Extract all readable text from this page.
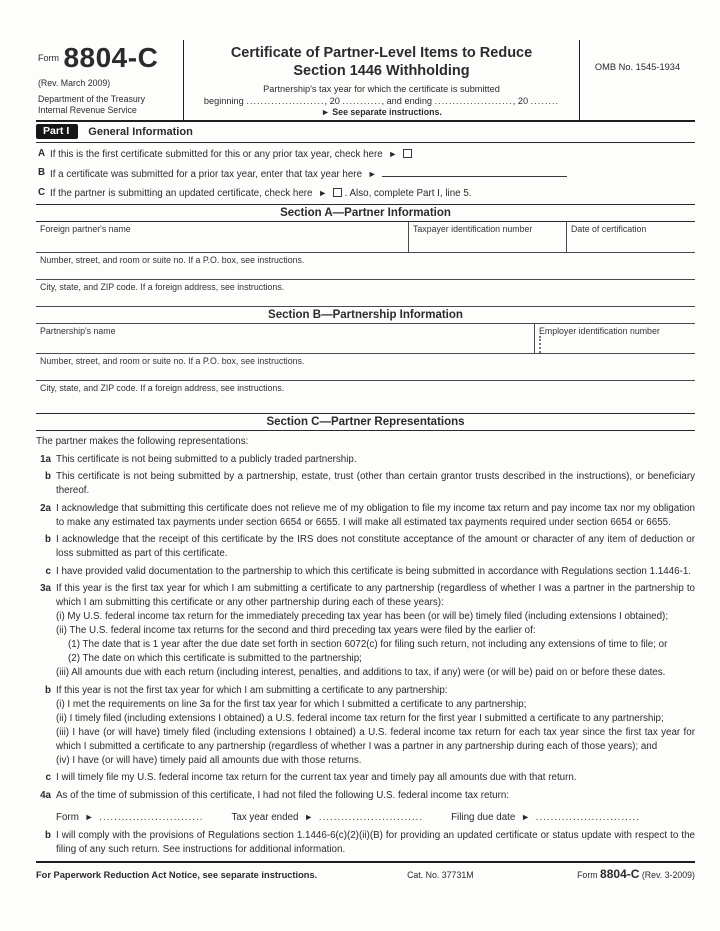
$^{Form}$ 8804-C
(Rev. March 2009)
Department of the Treasury
Internal Revenue Service
Certificate of Partner-Level Items to Reduce
Section 1446 Withholding
Partnership's tax year for which the certificate is submitted
beginning ......................, 20 ..........., and ending ......................, 20 ........
► See separate instructions.
OMB No. 1545-1934
Part I	General Information
A If this is the first certificate submitted for this or any prior tax year, check here ►
B If a certificate was submitted for a prior tax year, enter that tax year here ►
C If the partner is submitting an updated certificate, check here ► . Also, complete Part I, line 5.
Section A—Partner Information
Foreign partner's name	Taxpayer identification number	Date of certification
Number, street, and room or suite no. If a P.O. box, see instructions.
City, state, and ZIP code. If a foreign address, see instructions.
Section B—Partnership Information
Partnership's name	Employer identification number
Number, street, and room or suite no. If a P.O. box, see instructions.
City, state, and ZIP code. If a foreign address, see instructions.
Section C—Partner Representations
The partner makes the following representations:
1a This certificate is not being submitted to a publicly traded partnership.

b This certificate is not being submitted by a partnership, estate, trust (other than certain grantor trusts described in the instructions), or beneficiary thereof.

2a I acknowledge that submitting this certificate does not relieve me of my obligation to file my income tax return and pay income tax nor my obligation to make any estimated tax payments under section 6654 or 6655. I will make all estimated tax payments required under section 6654 or 6655.

b I acknowledge that the receipt of this certificate by the IRS does not constitute acceptance of the amount or character of any item of deduction or loss submitted as part of this certificate.

c I have provided valid documentation to the partnership to which this certificate is being submitted in accordance with Regulations section 1.1446-1.

3a If this year is the first tax year for which I am submitting a certificate to any partnership (regardless of whether I was a partner in the partnership to which I am submitting this certificate or any other partnership during each of these years):

(i) My U.S. federal income tax return for the immediately preceding tax year has been (or will be) timely filed (including extensions I obtained);

(ii) The U.S. federal income tax returns for the second and third preceding tax years were filed by the earlier of:

(1) The date that is 1 year after the due date set forth in section 6072(c) for filing such return, not including any extensions of time to file; or

(2) The date on which this certificate is submitted to the partnership;

(iii) All amounts due with each return (including interest, penalties, and additions to tax, if any) were (or will be) paid on or before these dates.

b If this year is not the first tax year for which I am submitting a certificate to any partnership:

(i) I met the requirements on line 3a for the first tax year for which I submitted a certificate to any partnership;

(ii) I timely filed (including extensions I obtained) a U.S. federal income tax return for the first year I submitted a certificate to any partnership;

(iii) I have (or will have) timely filed (including extensions I obtained) a U.S. federal income tax return for each tax year since the first tax year for which I submitted a certificate to any partnership (regardless of whether I was a partner in any partnership during each of those years); and

(iv) I have (or will have) timely paid all amounts due with those returns.

c I will timely file my U.S. federal income tax return for the current tax year and timely pay all amounts due with that return.

4a As of the time of submission of this certificate, I had not filed the following U.S. federal income tax return:

Form ► ............................	Tax year ended ► ............................	Filing due date ► ............................
b I will comply with the provisions of Regulations section 1.1446-6(c)(2)(ii)(B) for providing an updated certificate or status update with respect to the filing of any such return. See instructions for additional information.

For Paperwork Reduction Act Notice, see separate instructions.	Cat. No. 37731M	Form 8804-C (Rev. 3-2009)
